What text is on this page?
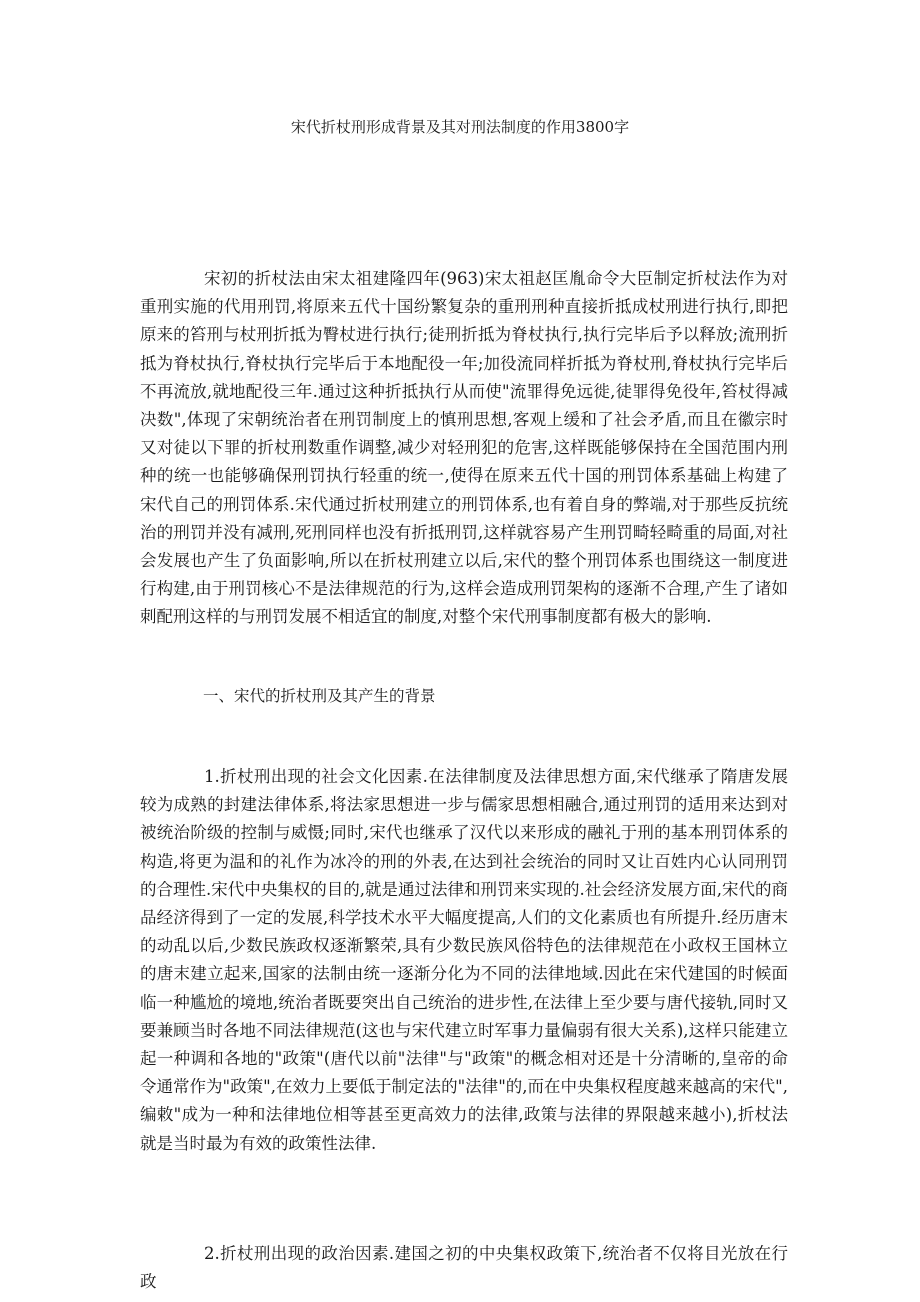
宋代折杖刑形成背景及其对刑法制度的作用3800字

宋初的折杖法由宋太祖建隆四年(963)宋太祖赵匡胤命令大臣制定折杖法作为对重刑实施的代用刑罚,将原来五代十国纷繁复杂的重刑刑种直接折抵成杖刑进行执行,即把原来的笞刑与杖刑折抵为臀杖进行执行;徒刑折抵为脊杖执行,执行完毕后予以释放;流刑折抵为脊杖执行,脊杖执行完毕后于本地配役一年;加役流同样折抵为脊杖刑,脊杖执行完毕后不再流放,就地配役三年.通过这种折抵执行从而使"流罪得免远徙,徒罪得免役年,笞杖得减决数",体现了宋朝统治者在刑罚制度上的慎刑思想,客观上缓和了社会矛盾,而且在徽宗时又对徒以下罪的折杖刑数重作调整,减少对轻刑犯的危害,这样既能够保持在全国范围内刑种的统一也能够确保刑罚执行轻重的统一,使得在原来五代十国的刑罚体系基础上构建了宋代自己的刑罚体系.宋代通过折杖刑建立的刑罚体系,也有着自身的弊端,对于那些反抗统治的刑罚并没有减刑,死刑同样也没有折抵刑罚,这样就容易产生刑罚畸轻畸重的局面,对社会发展也产生了负面影响,所以在折杖刑建立以后,宋代的整个刑罚体系也围绕这一制度进行构建,由于刑罚核心不是法律规范的行为,这样会造成刑罚架构的逐渐不合理,产生了诸如刺配刑这样的与刑罚发展不相适宜的制度,对整个宋代刑事制度都有极大的影响.

一、宋代的折杖刑及其产生的背景

1.折杖刑出现的社会文化因素.在法律制度及法律思想方面,宋代继承了隋唐发展较为成熟的封建法律体系,将法家思想进一步与儒家思想相融合,通过刑罚的适用来达到对被统治阶级的控制与威慑;同时,宋代也继承了汉代以来形成的融礼于刑的基本刑罚体系的构造,将更为温和的礼作为冰冷的刑的外表,在达到社会统治的同时又让百姓内心认同刑罚的合理性.宋代中央集权的目的,就是通过法律和刑罚来实现的.社会经济发展方面,宋代的商品经济得到了一定的发展,科学技术水平大幅度提高,人们的文化素质也有所提升.经历唐末的动乱以后,少数民族政权逐渐繁荣,具有少数民族风俗特色的法律规范在小政权王国林立的唐末建立起来,国家的法制由统一逐渐分化为不同的法律地域.因此在宋代建国的时候面临一种尴尬的境地,统治者既要突出自己统治的进步性,在法律上至少要与唐代接轨,同时又要兼顾当时各地不同法律规范(这也与宋代建立时军事力量偏弱有很大关系),这样只能建立起一种调和各地的"政策"(唐代以前"法律"与"政策"的概念相对还是十分清晰的,皇帝的命令通常作为"政策",在效力上要低于制定法的"法律"的,而在中央集权程度越来越高的宋代",编敕"成为一种和法律地位相等甚至更高效力的法律,政策与法律的界限越来越小),折杖法就是当时最为有效的政策性法律.

2.折杖刑出现的政治因素.建国之初的中央集权政策下,统治者不仅将目光放在行政
